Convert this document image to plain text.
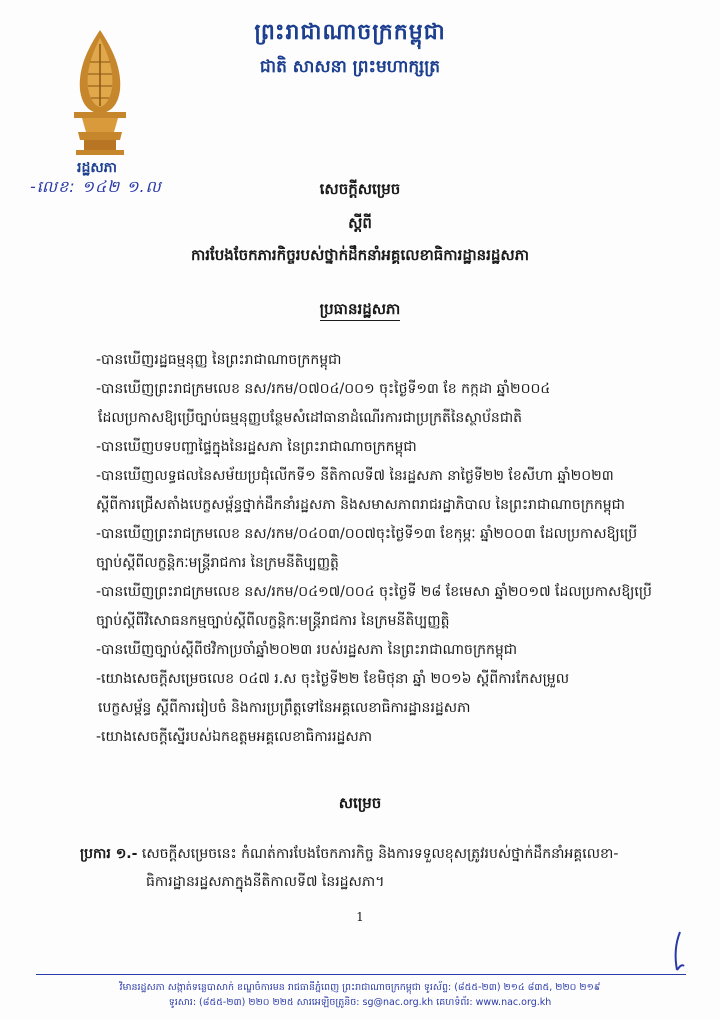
រដ្ឋសភា
-លេខ: ១៤២ ១.ល
ព្រះរាជាណាចក្រកម្ពុជា
ជាតិ សាសនា ព្រះមហាក្សត្រ
សេចក្តីសម្រេច
ស្តីពី
ការបែងចែកភារកិច្ចរបស់ថ្នាក់ដឹកនាំអគ្គលេខាធិការដ្ឋានរដ្ឋសភា
ប្រធានរដ្ឋសភា
-បានឃើញរដ្ឋធម្មនុញ្ញ នៃព្រះរាជាណាចក្រកម្ពុជា
-បានឃើញព្រះរាជក្រមលេខ នស/រកម/០៧០៤/០០១ ចុះថ្ងៃទី១៣ ខែ កក្កដា ឆ្នាំ២០០៤
ដែលប្រកាសឱ្យប្រើច្បាប់ធម្មនុញ្ញបន្ថែមសំដៅធានាដំណើរការជាប្រក្រតីនៃស្ថាប័នជាតិ
-បានឃើញបទបញ្ជាផ្ទៃក្នុងនៃរដ្ឋសភា នៃព្រះរាជាណាចក្រកម្ពុជា
-បានឃើញលទ្ធផលនៃសម័យប្រជុំលើកទី១ នីតិកាលទី៧ នៃរដ្ឋសភា នាថ្ងៃទី២២ ខែសីហា ឆ្នាំ២០២៣
ស្តីពីការជ្រើសតាំងបេក្ខសម្ព័ន្ធថ្នាក់ដឹកនាំរដ្ឋសភា និងសមាសភាពរាជរដ្ឋាភិបាល នៃព្រះរាជាណាចក្រកម្ពុជា
-បានឃើញព្រះរាជក្រមលេខ នស/រកម/០៤០៣/០០៧ចុះថ្ងៃទី១៣ ខែកុម្ភៈ ឆ្នាំ២០០៣ ដែលប្រកាសឱ្យប្រើ
ច្បាប់ស្តីពីលក្ខន្តិកៈមន្ត្រីរាជការ នៃក្រមនីតិប្បញ្ញត្តិ
-បានឃើញព្រះរាជក្រមលេខ នស/រកម/០៤១៧/០០៤ ចុះថ្ងៃទី ២៨ ខែមេសា ឆ្នាំ២០១៧ ដែលប្រកាសឱ្យប្រើ
ច្បាប់ស្តីពីវិសោធនកម្មច្បាប់ស្តីពីលក្ខន្តិកៈមន្ត្រីរាជការ នៃក្រមនីតិប្បញ្ញត្តិ
-បានឃើញច្បាប់ស្តីពីថវិកាប្រចាំឆ្នាំ២០២៣ របស់រដ្ឋសភា នៃព្រះរាជាណាចក្រកម្ពុជា
-យោងសេចក្តីសម្រេចលេខ ០៤៧ រ.ស ចុះថ្ងៃទី២២ ខែមិថុនា ឆ្នាំ ២០១៦ ស្តីពីការកែសម្រួល
បេក្ខសម្ព័ន្ធ ស្តីពីការរៀបចំ និងការប្រព្រឹត្តទៅនៃអគ្គលេខាធិការដ្ឋានរដ្ឋសភា
-យោងសេចក្តីស្នើរបស់ឯកឧត្តមអគ្គលេខាធិការរដ្ឋសភា
សម្រេច
ប្រការ ១.- សេចក្តីសម្រេចនេះ កំណត់ការបែងចែកភារកិច្ច និងការទទួលខុសត្រូវរបស់ថ្នាក់ដឹកនាំអគ្គលេខា-
ធិការដ្ឋានរដ្ឋសភាក្នុងនីតិកាលទី៧ នៃរដ្ឋសភា។
1
វិមានរដ្ឋសភា សង្កាត់ទន្លេបាសាក់ ខណ្ឌចំការមន រាជធានីភ្នំពេញ ព្រះរាជាណាចក្រកម្ពុជា ទូរស័ព្ទ: (៨៥៥-២៣) ២១៤ ៨៣៥, ២២០ ២១៩
ទូរសារ: (៨៥៥-២៣) ២២០ ២២៥ សារអេឡិចត្រូនិច: sg@nac.org.kh គេហទំព័រ: www.nac.org.kh
